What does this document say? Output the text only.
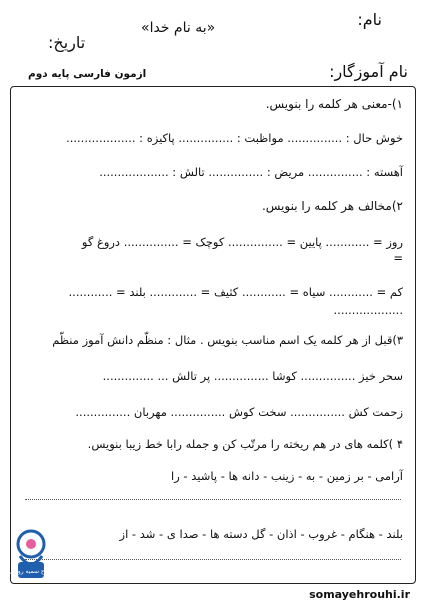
نام:
«به نام خدا»
تاریخ:
ازمون فارسی پایه دوم	نام آموزگار:
۱)-معنی هر کلمه را بنویس.
خوش حال : ............... مواظبت : ............... پاکیزه : ...................
آهسته : ............... مریض : ............... تالش : ...................
۲)مخالف هر کلمه را بنویس.
روز = ............ پایین = ............... کوچک = ............... دروغ گو
=
کم = ............ سیاه = ............ کثیف = ............. بلند = ............
...................
۳)قبل از هر کلمه یک اسم مناسب بنویس . مثال : منظّم دانش آموز منظّم
سحر خیز ............... کوشا ............... پر تالش ... ..............
زحمت کش ............... سخت کوش ............... مهربان ...............
۴ )کلمه های در هم ریخته را مرتّب کن و جمله رابا خط زیبا بنویس.
آرامی - بر زمین - به - زینب - دانه ها - پاشید - را
بلند - هنگام - غروب - اذان - گل دسته ها - صدا ی - شد - از
طرح سمیه روحی
somayehrouhi.ir
